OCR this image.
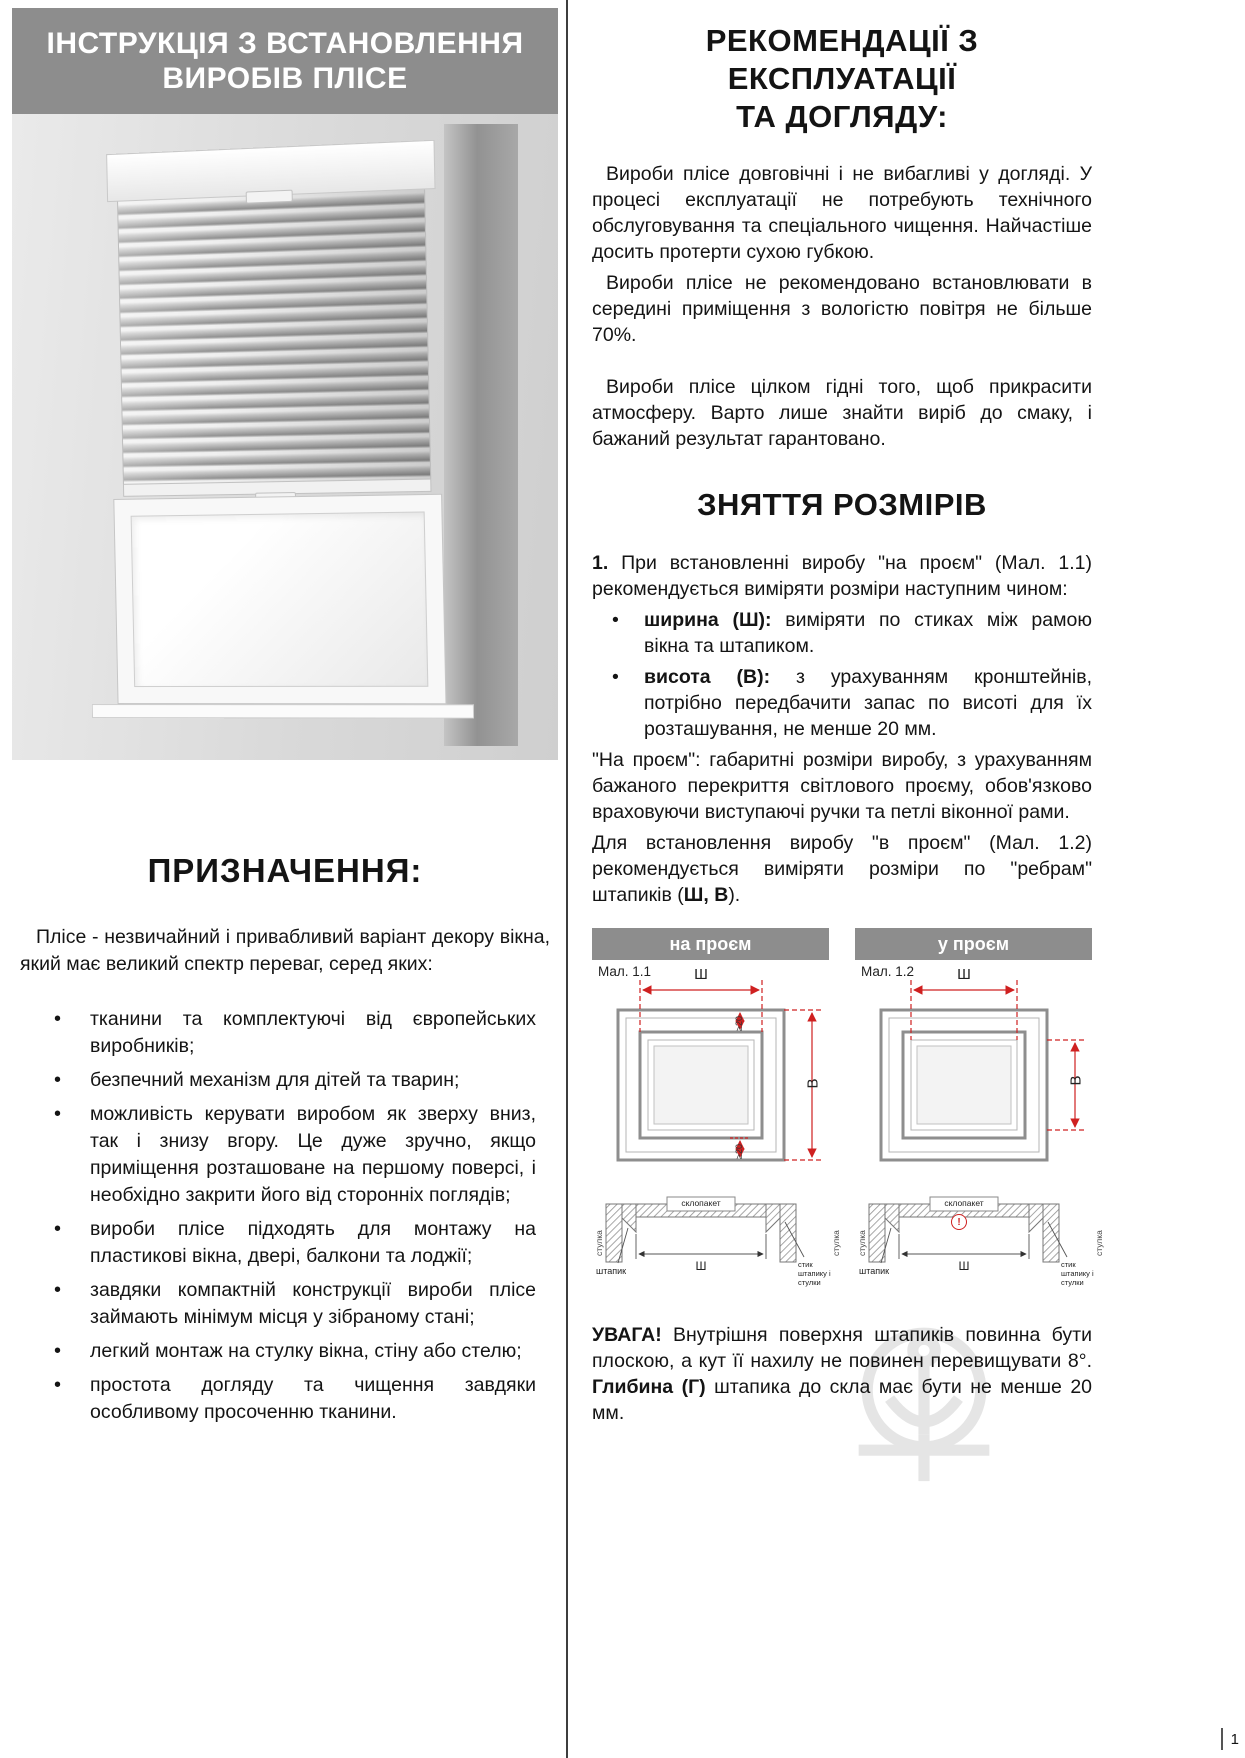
ІНСТРУКЦІЯ З ВСТАНОВЛЕННЯ
ВИРОБІВ ПЛІСЕ
ПРИЗНАЧЕННЯ:

Плісе - незвичайний і привабливий варіант декору вікна, який має великий спектр переваг, серед яких:

• тканини та комплектуючі від європейських виробників;
• безпечний механізм для дітей та тварин;
• можливість керувати виробом як зверху вниз, так і знизу вгору. Це дуже зручно, якщо приміщення розташоване на першому поверсі, і необхідно закрити його від сторонніх поглядів;
• вироби плісе підходять для монтажу на пластикові вікна, двері, балкони та лоджії;
• завдяки компактній конструкції вироби плісе займають мінімум місця у зібраному стані;
• легкий монтаж на стулку вікна, стіну або стелю;
• простота догляду та чищення завдяки особливому просоченню тканини.
РЕКОМЕНДАЦІЇ З ЕКСПЛУАТАЦІЇ
ТА ДОГЛЯДУ:

Вироби плісе довговічні і не вибагливі у догляді. У процесі експлуатації не потребують технічного обслуговування та спеціального чищення. Найчастіше досить протерти сухою губкою.

Вироби плісе не рекомендовано встановлювати в середині приміщення з вологістю повітря не більше 70%.

Вироби плісе цілком гідні того, щоб прикрасити атмосферу. Варто лише знайти виріб до смаку, і бажаний результат гарантовано.

ЗНЯТТЯ РОЗМІРІВ

1. При встановленні виробу "на проєм" (Мал. 1.1) рекомендується виміряти розміри наступним чином:

• ширина (Ш): виміряти по стиках між рамою вікна та штапиком.
• висота (В): з урахуванням кронштейнів, потрібно передбачити запас по висоті для їх розташування, не менше 20 мм.

"На проєм": габаритні розміри виробу, з урахуванням бажаного перекриття світлового проєму, обов'язково враховуючи виступаючі ручки та петлі віконної рами.

Для встановлення виробу "в проєм" (Мал. 1.2) рекомендується виміряти розміри по "ребрам" штапиків (Ш, В).

на проєм
Мал. 1.1	Ш
В
≥20
≥20
склопакет
стулка	стулка
штапик	Ш	стик штапику і стулки
у проєм
Мал. 1.2	Ш
В
склопакет
стулка	стулка
штапик	Ш	стик штапику і стулки
!

УВАГА! Внутрішня поверхня штапиків повинна бути плоскою, а кут її нахилу не повинен перевищувати 8°. Глибина (Г) штапика до скла має бути не менше 20 мм.

1
